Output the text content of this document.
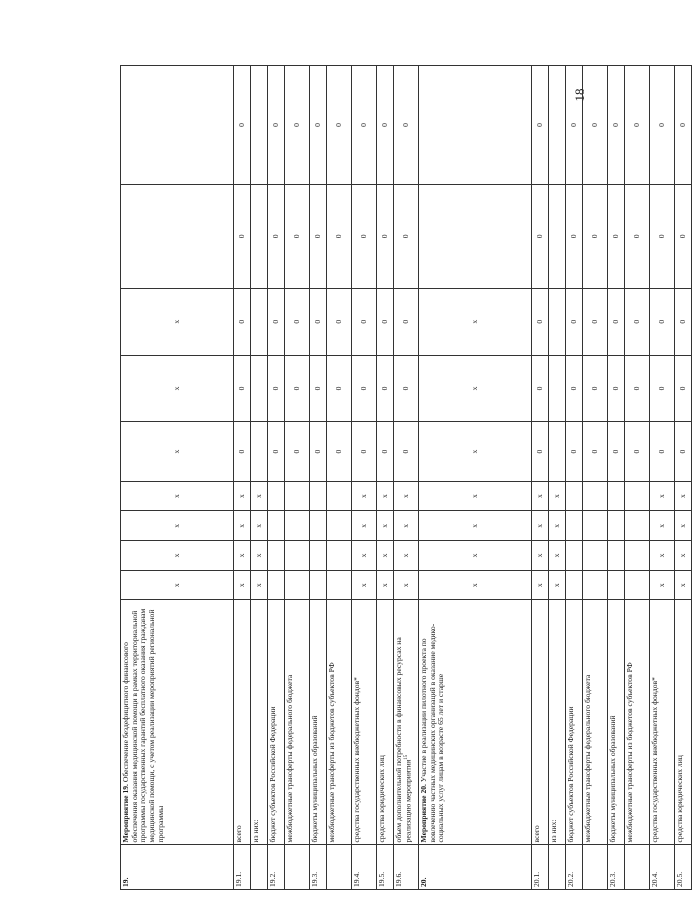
18
19.	Мероприятие 19. Обеспечение бездефицитного финансового обеспечения оказания медицинской помощи в рамках территориальной программы государственных гарантий бесплатного оказания гражданам медицинской помощи, с учетом реализации мероприятий региональной программы	x	x	x	x	x	x	x		
19.1.	всего	x	x	x	x	0	0	0	0	0
	из них:	x	x	x	x					
19.2.	бюджет субъектов Российской Федерации					0	0	0	0	0
	межбюджетные трансферты федерального бюджета					0	0	0	0	0
19.3.	бюджеты муниципальных образований					0	0	0	0	0
	межбюджетные трансферты из бюджетов субъектов РФ					0	0	0	0	0
19.4.	средства государственных внебюджетных фондов*	x	x	x	x	0	0	0	0	0
19.5.	средства юридических лиц	x	x	x	x	0	0	0	0	0
19.6.	объем дополнительной потребности в финансовых ресурсах на реализацию мероприятия$^{15}$	x	x	x	x	0	0	0	0	0
20.	Мероприятие 20. Участие в реализации пилотного проекта по вовлечению частных медицинских организаций в оказание медико-социальных услуг лицам в возрасте 65 лет и старше	x	x	x	x	x	x	x		
20.1.	всего	x	x	x	x	0	0	0	0	0
	из них:	x	x	x	x					
20.2.	бюджет субъектов Российской Федерации					0	0	0	0	0
	межбюджетные трансферты федерального бюджета					0	0	0	0	0
20.3.	бюджеты муниципальных образований					0	0	0	0	0
	межбюджетные трансферты из бюджетов субъектов РФ					0	0	0	0	0
20.4.	средства государственных внебюджетных фондов*	x	x	x	x	0	0	0	0	0
20.5.	средства юридических лиц	x	x	x	x	0	0	0	0	0
